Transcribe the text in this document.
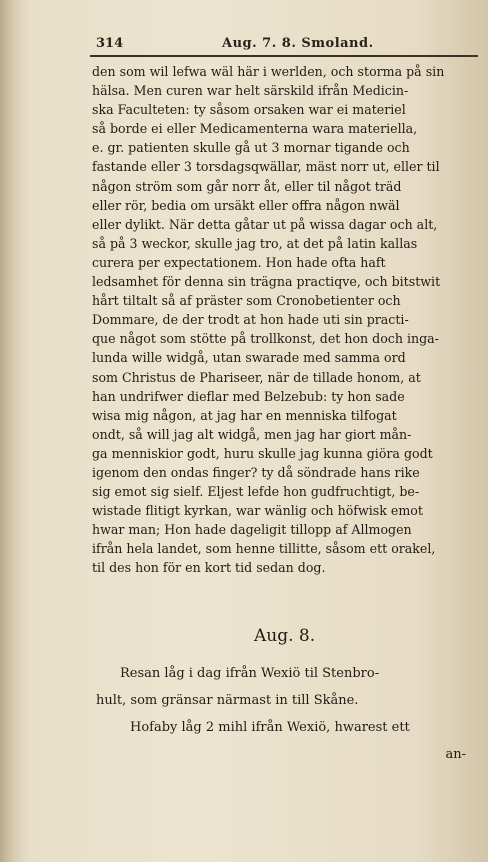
314	Aug. 7. 8. Smoland.
den som wil lefwa wäl här i werlden, och storma på sin
hälsa. Men curen war helt särskild ifrån Medicin-
ska Faculteten: ty såsom orsaken war ei materiel
så borde ei eller Medicamenterna wara materiella,
e. gr. patienten skulle gå ut 3 mornar tigande och
fastande eller 3 torsdagsqwällar, mäst norr ut, eller til
någon ström som går norr åt, eller til något träd
eller rör, bedia om ursäkt eller offra någon nwäl
eller dylikt. När detta gåtar ut på wissa dagar och alt,
så på 3 weckor, skulle jag tro, at det på latin kallas
curera per expectationem. Hon hade ofta haft
ledsamhet för denna sin trägna practiqve, och bitstwit
hårt tiltalt så af präster som Cronobetienter och
Dommare, de der trodt at hon hade uti sin practi-
que något som stötte på trollkonst, det hon doch inga-
lunda wille widgå, utan swarade med samma ord
som Christus de Phariseer, när de tillade honom, at
han undrifwer dieflar med Belzebub: ty hon sade
wisa mig någon, at jag har en menniska tilfogat
ondt, så will jag alt widgå, men jag har giort mån-
ga menniskior godt, huru skulle jag kunna giöra godt
igenom den ondas finger? ty då söndrade hans rike
sig emot sig sielf. Eljest lefde hon gudfruchtigt, be-
wistade flitigt kyrkan, war wänlig och höfwisk emot
hwar man; Hon hade dageligit tillopp af Allmogen
ifrån hela landet, som henne tillitte, såsom ett orakel,
til des hon för en kort tid sedan dog.
Aug. 8.
Resan låg i dag ifrån Wexiö til Stenbro-
hult, som gränsar närmast in till Skåne.
Hofaby låg 2 mihl ifrån Wexiö, hwarest ett
an-
